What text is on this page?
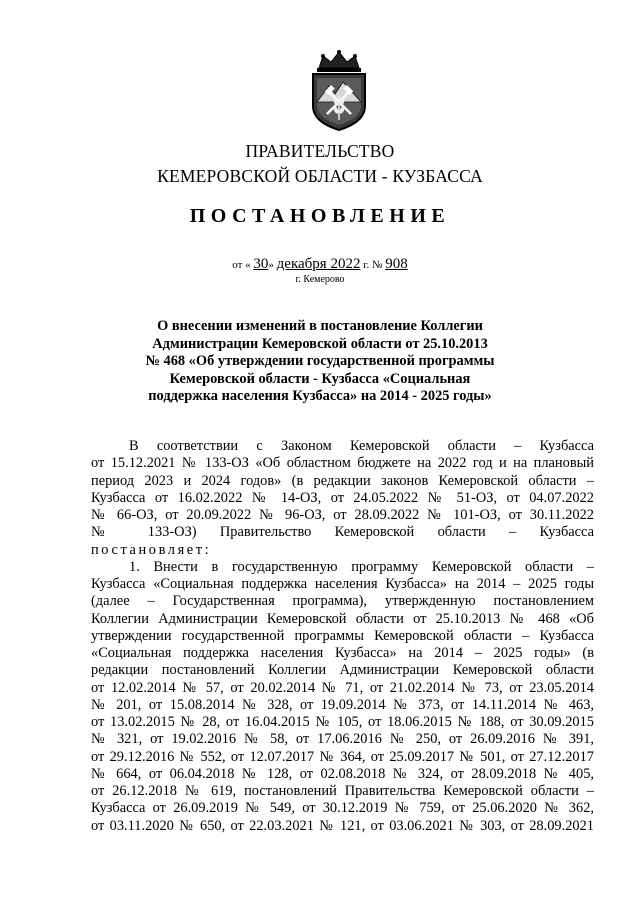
ПРАВИТЕЛЬСТВО
КЕМЕРОВСКОЙ ОБЛАСТИ - КУЗБАССА
ПОСТАНОВЛЕНИЕ
от « 30» декабря 2022 г. № 908
г. Кемерово
О внесении изменений в постановление Коллегии
Администрации Кемеровской области от 25.10.2013
№ 468 «Об утверждении государственной программы
Кемеровской области - Кузбасса «Социальная
поддержка населения Кузбасса» на 2014 - 2025 годы»
В соответствии с Законом Кемеровской области – Кузбасса
от 15.12.2021 № 133-ОЗ «Об областном бюджете на 2022 год и на плановый
период 2023 и 2024 годов» (в редакции законов Кемеровской области –
Кузбасса от 16.02.2022 № 14-ОЗ, от 24.05.2022 № 51-ОЗ, от 04.07.2022
№ 66-ОЗ, от 20.09.2022 № 96-ОЗ, от 28.09.2022 № 101-ОЗ, от 30.11.2022
№ 133-ОЗ) Правительство Кемеровской области – Кузбасса
постановляет:
1. Внести в государственную программу Кемеровской области –
Кузбасса «Социальная поддержка населения Кузбасса» на 2014 – 2025 годы
(далее – Государственная программа), утвержденную постановлением
Коллегии Администрации Кемеровской области от 25.10.2013 № 468 «Об
утверждении государственной программы Кемеровской области – Кузбасса
«Социальная поддержка населения Кузбасса» на 2014 – 2025 годы» (в
редакции постановлений Коллегии Администрации Кемеровской области
от 12.02.2014 № 57, от 20.02.2014 № 71, от 21.02.2014 № 73, от 23.05.2014
№ 201, от 15.08.2014 № 328, от 19.09.2014 № 373, от 14.11.2014 № 463,
от 13.02.2015 № 28, от 16.04.2015 № 105, от 18.06.2015 № 188, от 30.09.2015
№ 321, от 19.02.2016 № 58, от 17.06.2016 № 250, от 26.09.2016 № 391,
от 29.12.2016 № 552, от 12.07.2017 № 364, от 25.09.2017 № 501, от 27.12.2017
№ 664, от 06.04.2018 № 128, от 02.08.2018 № 324, от 28.09.2018 № 405,
от 26.12.2018 № 619, постановлений Правительства Кемеровской области –
Кузбасса от 26.09.2019 № 549, от 30.12.2019 № 759, от 25.06.2020 № 362,
от 03.11.2020 № 650, от 22.03.2021 № 121, от 03.06.2021 № 303, от 28.09.2021
